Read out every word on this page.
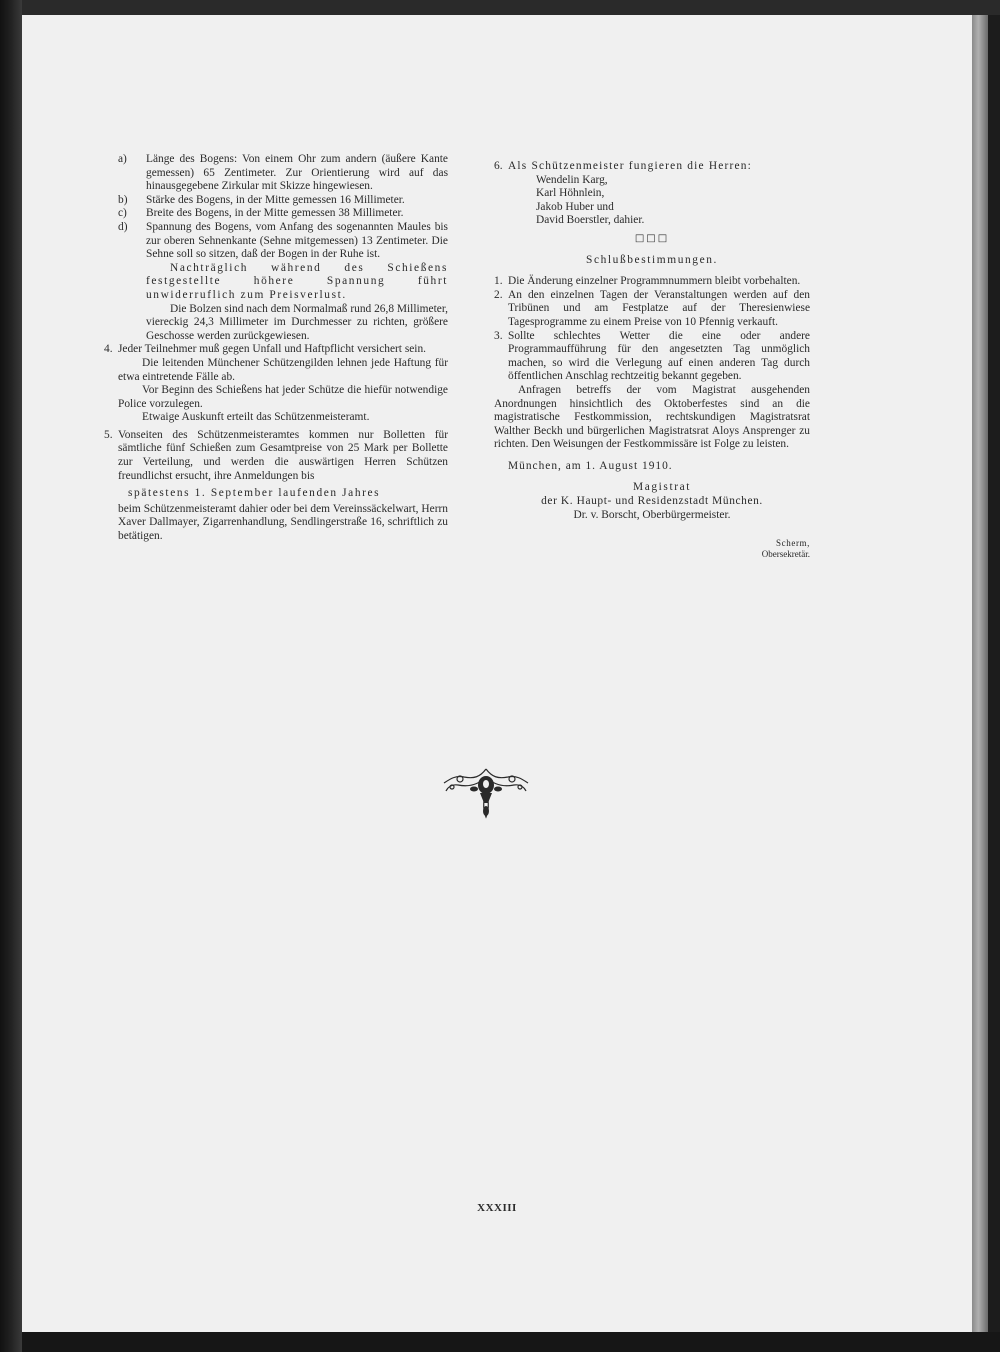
a)	Länge des Bogens: Von einem Ohr zum andern (äußere Kante gemessen) 65 Zentimeter. Zur Orientierung wird auf das hinausgegebene Zirkular mit Skizze hingewiesen.
b)	Stärke des Bogens, in der Mitte gemessen 16 Millimeter.
c)	Breite des Bogens, in der Mitte gemessen 38 Millimeter.
d)	Spannung des Bogens, vom Anfang des sogenannten Maules bis zur oberen Sehnenkante (Sehne mitgemessen) 13 Zentimeter. Die Sehne soll so sitzen, daß der Bogen in der Ruhe ist.
Nachträglich während des Schießens festgestellte höhere Spannung führt unwiderruflich zum Preisverlust.
Die Bolzen sind nach dem Normalmaß rund 26,8 Millimeter, viereckig 24,3 Millimeter im Durchmesser zu richten, größere Geschosse werden zurückgewiesen.
4. Jeder Teilnehmer muß gegen Unfall und Haftpflicht versichert sein.
Die leitenden Münchener Schützengilden lehnen jede Haftung für etwa eintretende Fälle ab.
Vor Beginn des Schießens hat jeder Schütze die hiefür notwendige Police vorzulegen.
Etwaige Auskunft erteilt das Schützenmeisteramt.
5. Vonseiten des Schützenmeisteramtes kommen nur Bolletten für sämtliche fünf Schießen zum Gesamtpreise von 25 Mark per Bollette zur Verteilung, und werden die auswärtigen Herren Schützen freundlichst ersucht, ihre Anmeldungen bis
spätestens 1. September laufenden Jahres
beim Schützenmeisteramt dahier oder bei dem Vereinssäckelwart, Herrn Xaver Dallmayer, Zigarrenhandlung, Sendlingerstraße 16, schriftlich zu betätigen.
6. Als Schützenmeister fungieren die Herren:
Wendelin Karg,
Karl Höhnlein,
Jakob Huber und
David Boerstler, dahier.
□□□
Schlußbestimmungen.
1. Die Änderung einzelner Programmnummern bleibt vorbehalten.
2. An den einzelnen Tagen der Veranstaltungen werden auf den Tribünen und am Festplatze auf der Theresienwiese Tagesprogramme zu einem Preise von 10 Pfennig verkauft.
3. Sollte schlechtes Wetter die eine oder andere Programmaufführung für den angesetzten Tag unmöglich machen, so wird die Verlegung auf einen anderen Tag durch öffentlichen Anschlag rechtzeitig bekannt gegeben.
Anfragen betreffs der vom Magistrat ausgehenden Anordnungen hinsichtlich des Oktoberfestes sind an die magistratische Festkommission, rechtskundigen Magistratsrat Walther Beckh und bürgerlichen Magistratsrat Aloys Ansprenger zu richten. Den Weisungen der Festkommissäre ist Folge zu leisten.
München, am 1. August 1910.
Magistrat
der K. Haupt- und Residenzstadt München.
Dr. v. Borscht, Oberbürgermeister.
Scherm,
Obersekretär.
XXXIII
